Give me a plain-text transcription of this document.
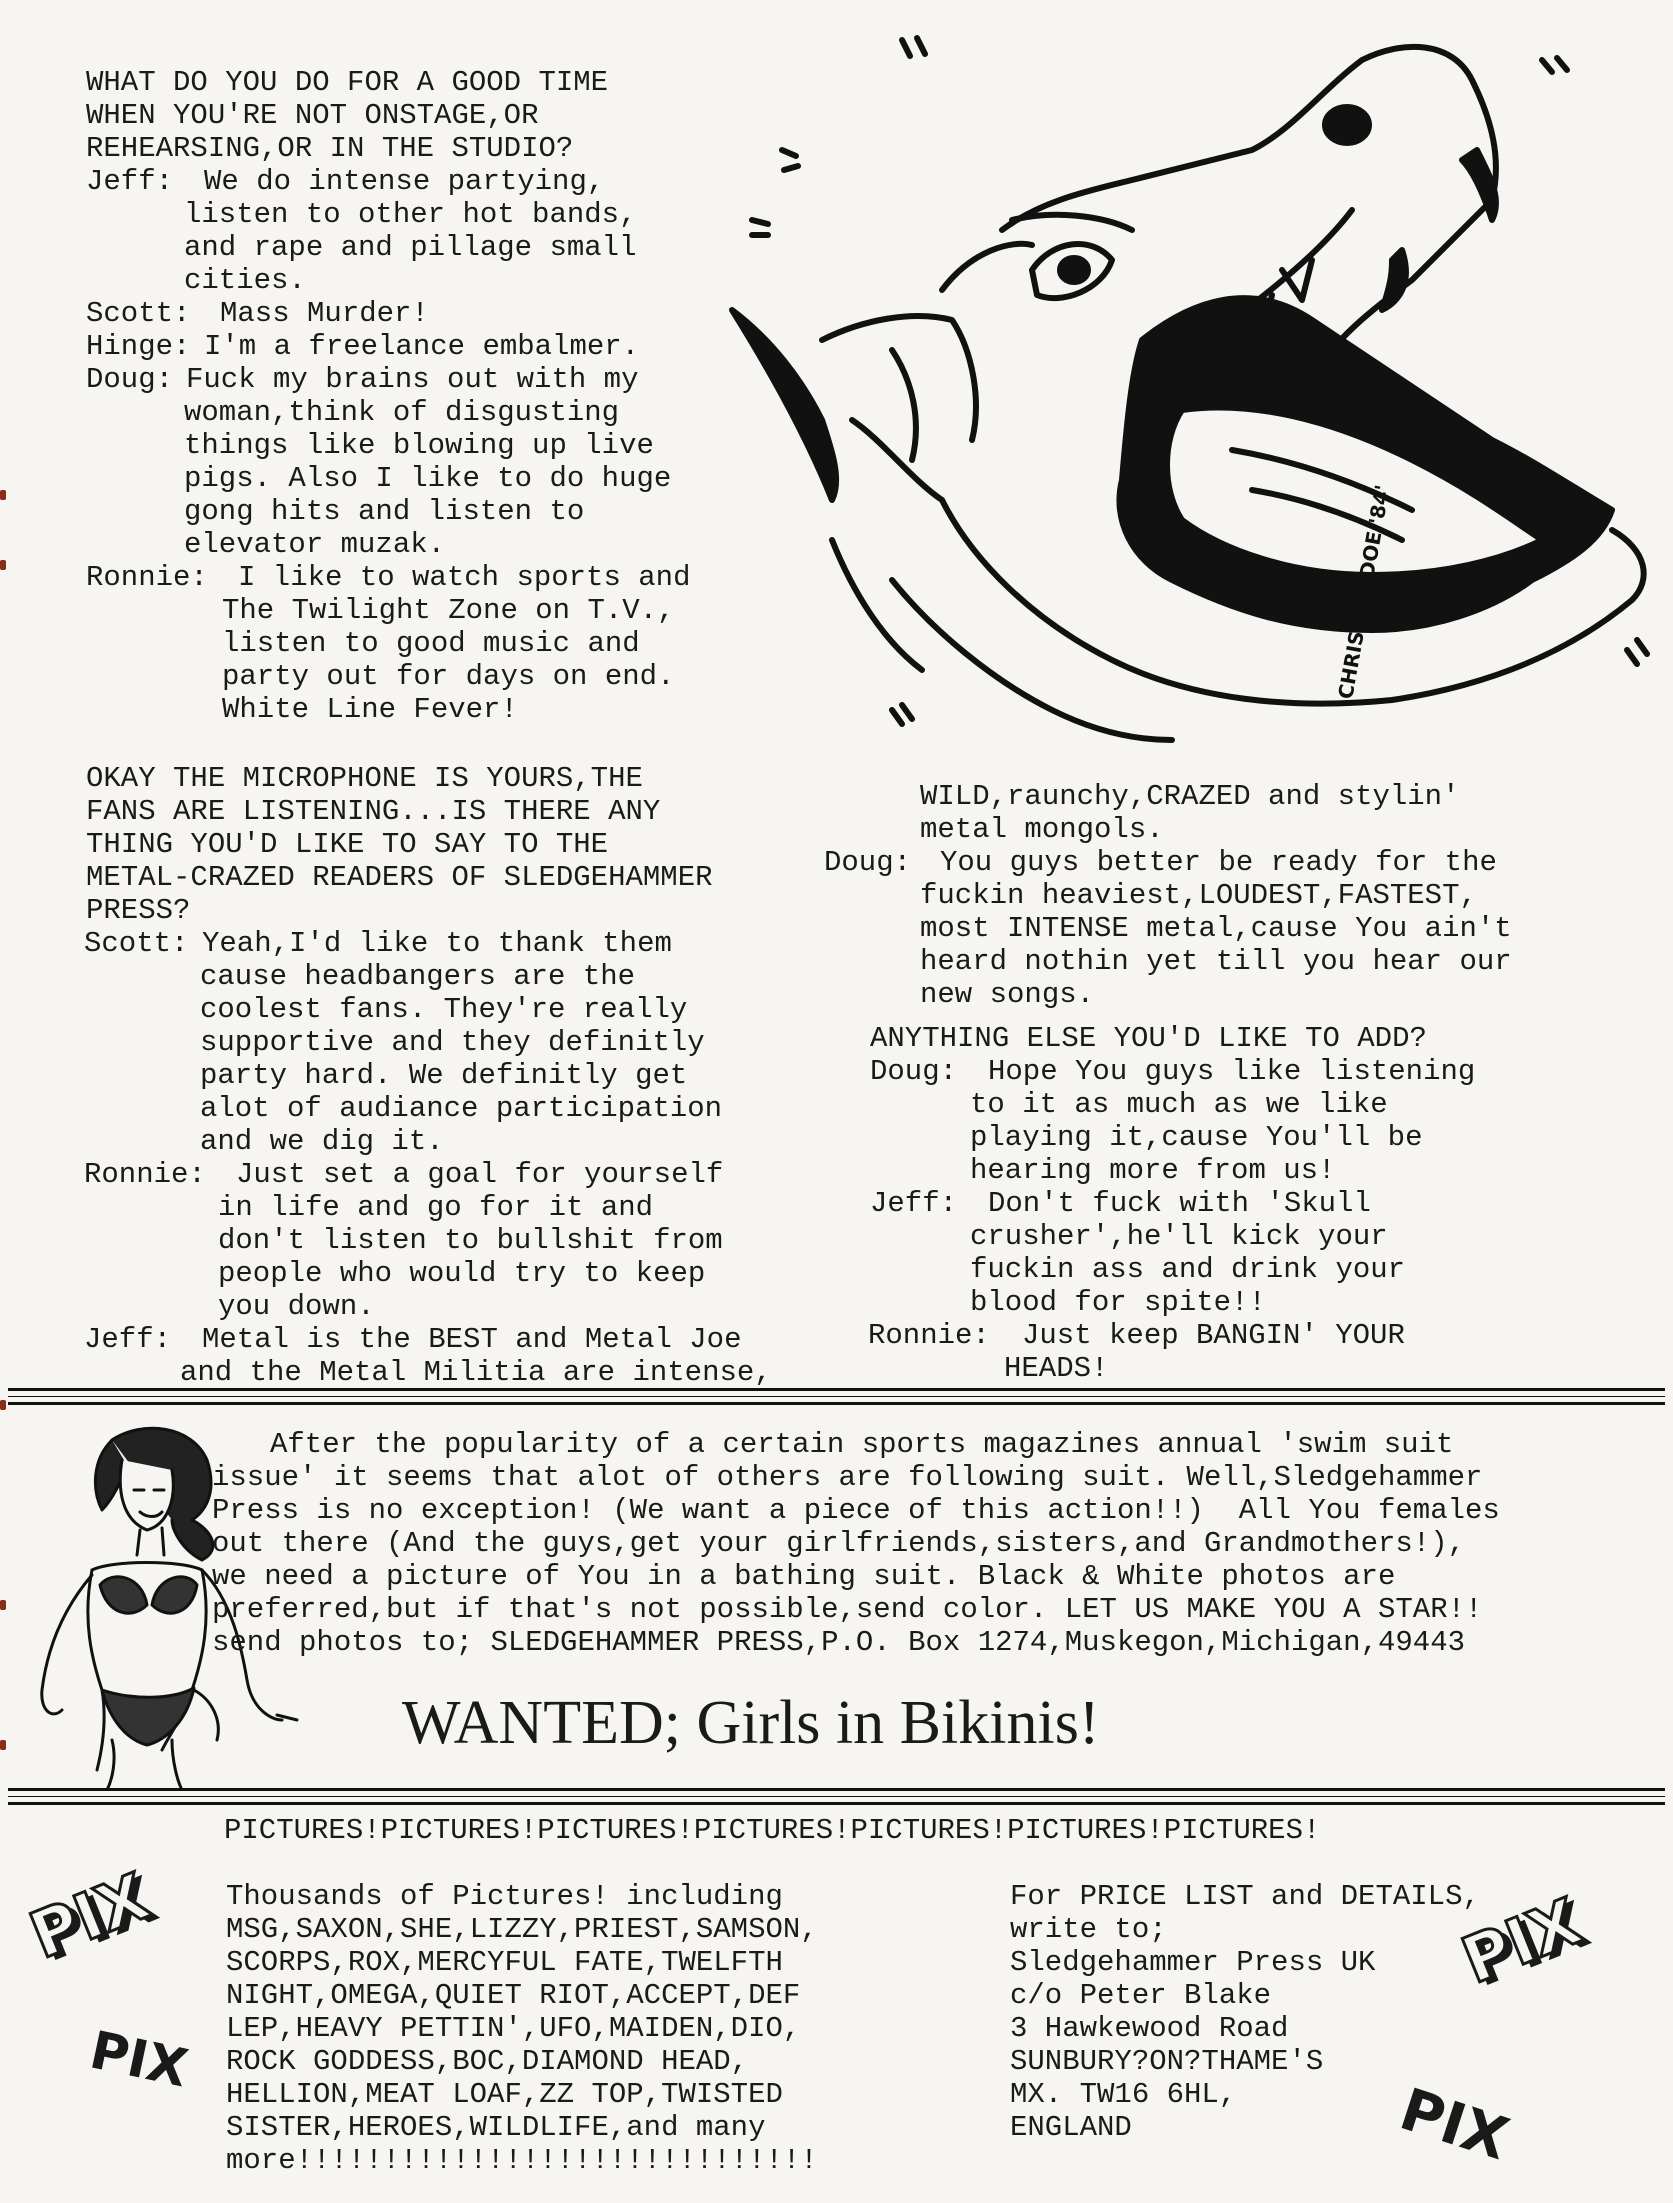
WHAT DO YOU DO FOR A GOOD TIME
WHEN YOU'RE NOT ONSTAGE,OR
REHEARSING,OR IN THE STUDIO?
Jeff: We do intense partying,
listen to other hot bands,
and rape and pillage small
cities.
Scott: Mass Murder!
Hinge: I'm a freelance embalmer.
Doug: Fuck my brains out with my
woman,think of disgusting
things like blowing up live
pigs. Also I like to do huge
gong hits and listen to
elevator muzak.
Ronnie: I like to watch sports and
The Twilight Zone on T.V.,
listen to good music and
party out for days on end.
White Line Fever!
CHRIS CORDOE '84'
OKAY THE MICROPHONE IS YOURS,THE
FANS ARE LISTENING...IS THERE ANY
THING YOU'D LIKE TO SAY TO THE
METAL-CRAZED READERS OF SLEDGEHAMMER
PRESS?
Scott: Yeah,I'd like to thank them
cause headbangers are the
coolest fans. They're really
supportive and they definitly
party hard. We definitly get
alot of audiance participation
and we dig it.
Ronnie: Just set a goal for yourself
in life and go for it and
don't listen to bullshit from
people who would try to keep
you down.
Jeff: Metal is the BEST and Metal Joe
and the Metal Militia are intense,
WILD,raunchy,CRAZED and stylin'
metal mongols.
Doug: You guys better be ready for the
fuckin heaviest,LOUDEST,FASTEST,
most INTENSE metal,cause You ain't
heard nothin yet till you hear our
new songs.
ANYTHING ELSE YOU'D LIKE TO ADD?
Doug: Hope You guys like listening
to it as much as we like
playing it,cause You'll be
hearing more from us!
Jeff: Don't fuck with 'Skull
crusher',he'll kick your
fuckin ass and drink your
blood for spite!!
Ronnie: Just keep BANGIN' YOUR
HEADS!
After the popularity of a certain sports magazines annual 'swim suit
issue' it seems that alot of others are following suit. Well,Sledgehammer
Press is no exception! (We want a piece of this action!!)  All You females
out there (And the guys,get your girlfriends,sisters,and Grandmothers!),
we need a picture of You in a bathing suit. Black & White photos are
preferred,but if that's not possible,send color. LET US MAKE YOU A STAR!!
send photos to; SLEDGEHAMMER PRESS,P.O. Box 1274,Muskegon,Michigan,49443
WANTED; Girls in Bikinis!
PICTURES!PICTURES!PICTURES!PICTURES!PICTURES!PICTURES!PICTURES!
PIX
PIX
PIX
PIX
Thousands of Pictures! including
MSG,SAXON,SHE,LIZZY,PRIEST,SAMSON,
SCORPS,ROX,MERCYFUL FATE,TWELFTH
NIGHT,OMEGA,QUIET RIOT,ACCEPT,DEF
LEP,HEAVY PETTIN',UFO,MAIDEN,DIO,
ROCK GODDESS,BOC,DIAMOND HEAD,
HELLION,MEAT LOAF,ZZ TOP,TWISTED
SISTER,HEROES,WILDLIFE,and many
more!!!!!!!!!!!!!!!!!!!!!!!!!!!!!!
For PRICE LIST and DETAILS,
write to;
Sledgehammer Press UK
c/o Peter Blake
3 Hawkewood Road
SUNBURY?ON?THAME'S
MX. TW16 6HL,
ENGLAND
